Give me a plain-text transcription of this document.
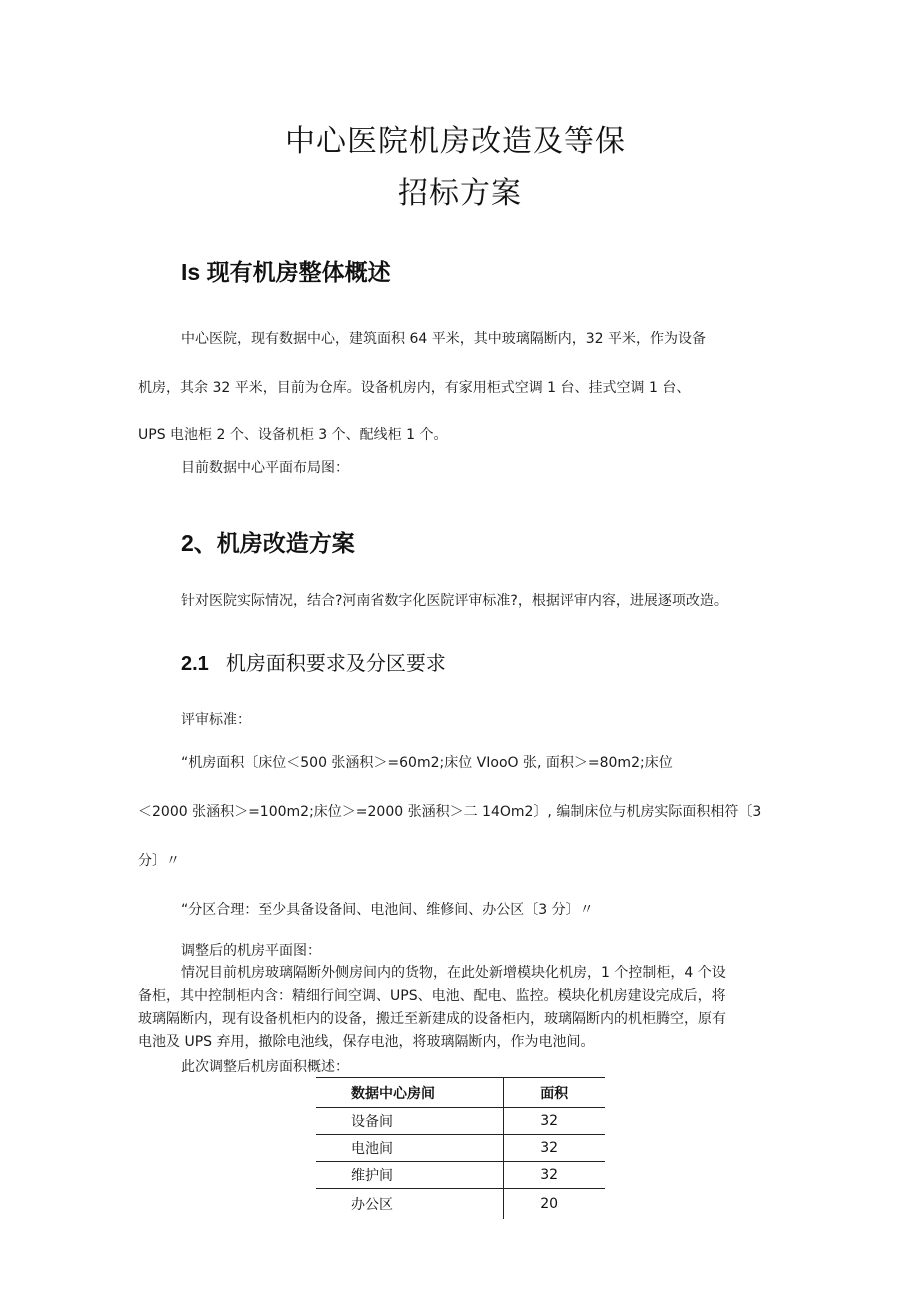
中心医院机房改造及等保
招标方案
Is 现有机房整体概述
中心医院，现有数据中心，建筑面积 64 平米，其中玻璃隔断内，32 平米，作为设备
机房，其余 32 平米，目前为仓库。设备机房内，有家用柜式空调 1 台、挂式空调 1 台、
UPS 电池柜 2 个、设备机柜 3 个、配线柜 1 个。
目前数据中心平面布局图：
2、机房改造方案
针对医院实际情况，结合?河南省数字化医院评审标准?，根据评审内容，进展逐项改造。
2.1 机房面积要求及分区要求
评审标准：
“机房面积〔床位＜500 张涵积＞=60m2;床位 VIooO 张, 面积＞=80m2;床位
＜2000 张涵积＞=100m2;床位＞=2000 张涵积＞二 14Om2〕, 编制床位与机房实际面积相符〔3
分〕〃
“分区合理：至少具备设备间、电池间、维修间、办公区〔3 分〕〃
调整后的机房平面图：
情况目前机房玻璃隔断外侧房间内的货物，在此处新增模块化机房，1 个控制柜，4 个设
备柜，其中控制柜内含：精细行间空调、UPS、电池、配电、监控。模块化机房建设完成后，将
玻璃隔断内，现有设备机柜内的设备，搬迁至新建成的设备柜内，玻璃隔断内的机柜腾空，原有
电池及 UPS 弃用，撤除电池线，保存电池，将玻璃隔断内，作为电池间。
此次调整后机房面积概述：
数据中心房间	面积
设备间	32
电池间	32
维护间	32
办公区	20
